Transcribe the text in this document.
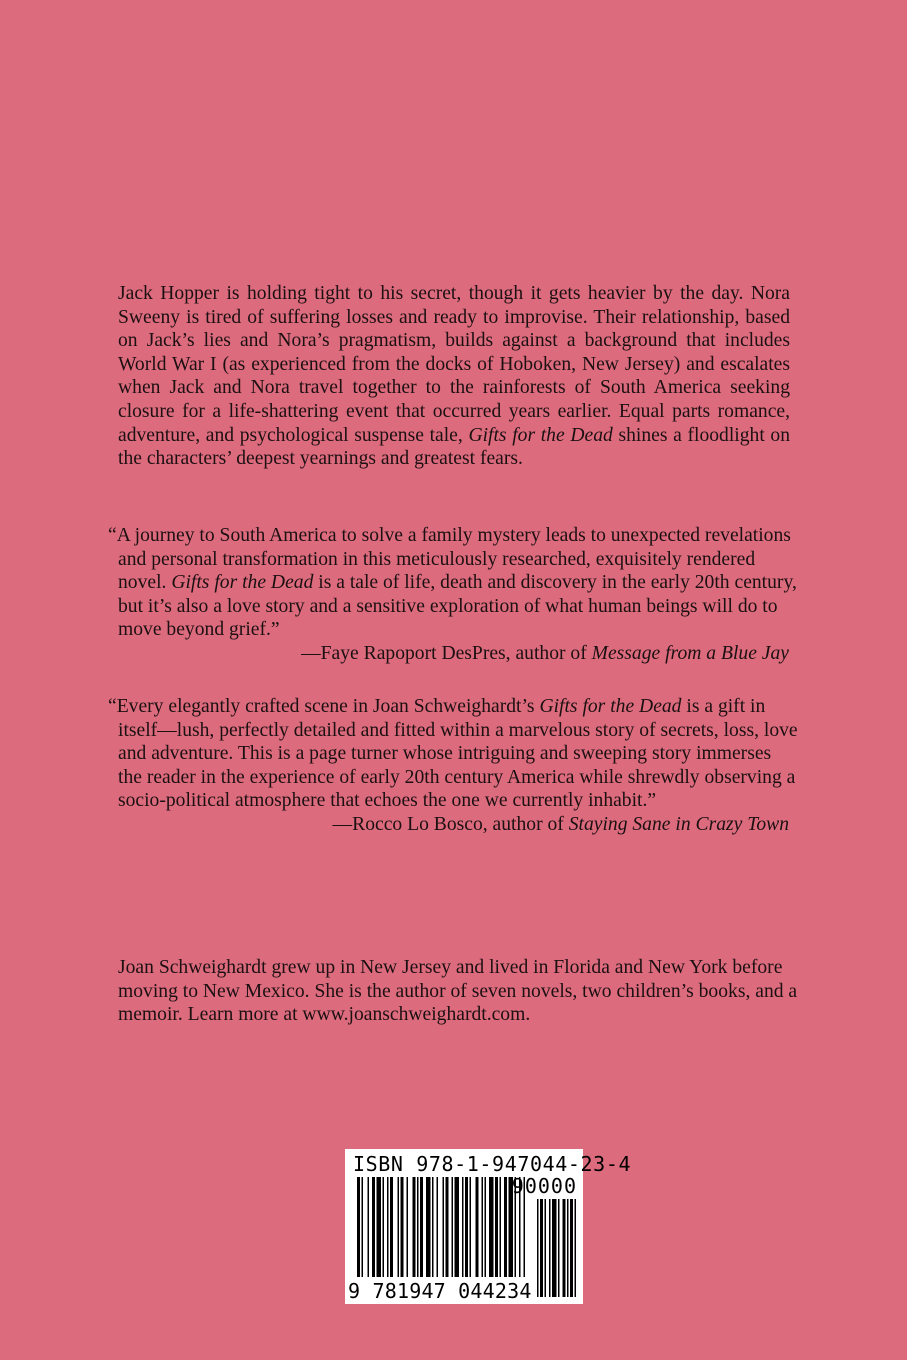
Jack Hopper is holding tight to his secret, though it gets heavier by the day. Nora Sweeny is tired of suffering losses and ready to improvise. Their relationship, based on Jack’s lies and Nora’s pragmatism, builds against a background that includes World War I (as experienced from the docks of Hoboken, New Jersey) and escalates when Jack and Nora travel together to the rainforests of South America seeking closure for a life-shattering event that occurred years earlier. Equal parts romance, adventure, and psychological suspense tale, Gifts for the Dead shines a floodlight on the characters’ deepest yearnings and greatest fears.

“A journey to South America to solve a family mystery leads to unexpected revelations and personal transformation in this meticulously researched, exquisitely rendered novel. Gifts for the Dead is a tale of life, death and discovery in the early 20th century, but it’s also a love story and a sensitive exploration of what human beings will do to move beyond grief.”

—Faye Rapoport DesPres, author of Message from a Blue Jay

“Every elegantly crafted scene in Joan Schweighardt’s Gifts for the Dead is a gift in itself—lush, perfectly detailed and fitted within a marvelous story of secrets, loss, love and adventure. This is a page turner whose intriguing and sweeping story immerses the reader in the experience of early 20th century America while shrewdly observing a socio-political atmosphere that echoes the one we currently inhabit.”

—Rocco Lo Bosco, author of Staying Sane in Crazy Town

Joan Schweighardt grew up in New Jersey and lived in Florida and New York before moving to New Mexico. She is the author of seven novels, two children’s books, and a memoir. Learn more at www.joanschweighardt.com.

ISBN 978-1-947044-23-4
90000
9 781947 044234
